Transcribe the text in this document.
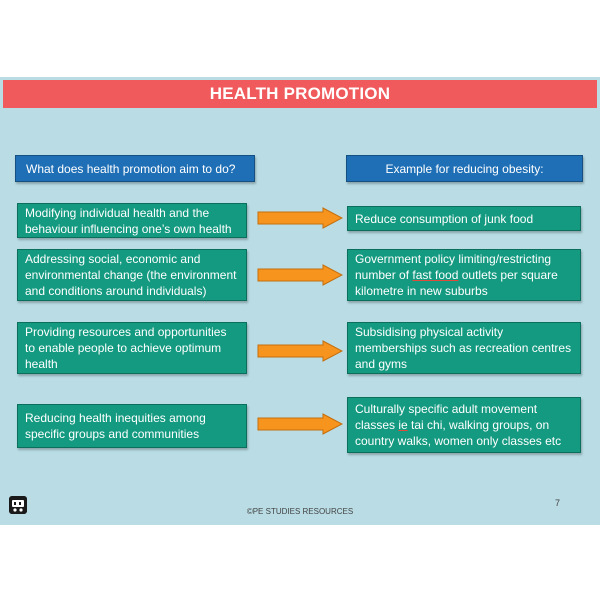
HEALTH PROMOTION
What does health promotion aim to do?	Example for reducing obesity:
Modifying individual health and the behaviour influencing one’s own health
Reduce consumption of junk food
Addressing social, economic and environmental change (the environment and conditions around individuals)
Government policy limiting/restricting number of fast food outlets per square kilometre in new suburbs
Providing resources and opportunities to enable people to achieve optimum health
Subsidising physical activity memberships such as recreation centres and gyms
Reducing health inequities among specific groups and communities
Culturally specific adult movement classes ie tai chi, walking groups, on country walks, women only classes etc
©PE STUDIES RESOURCES
7
